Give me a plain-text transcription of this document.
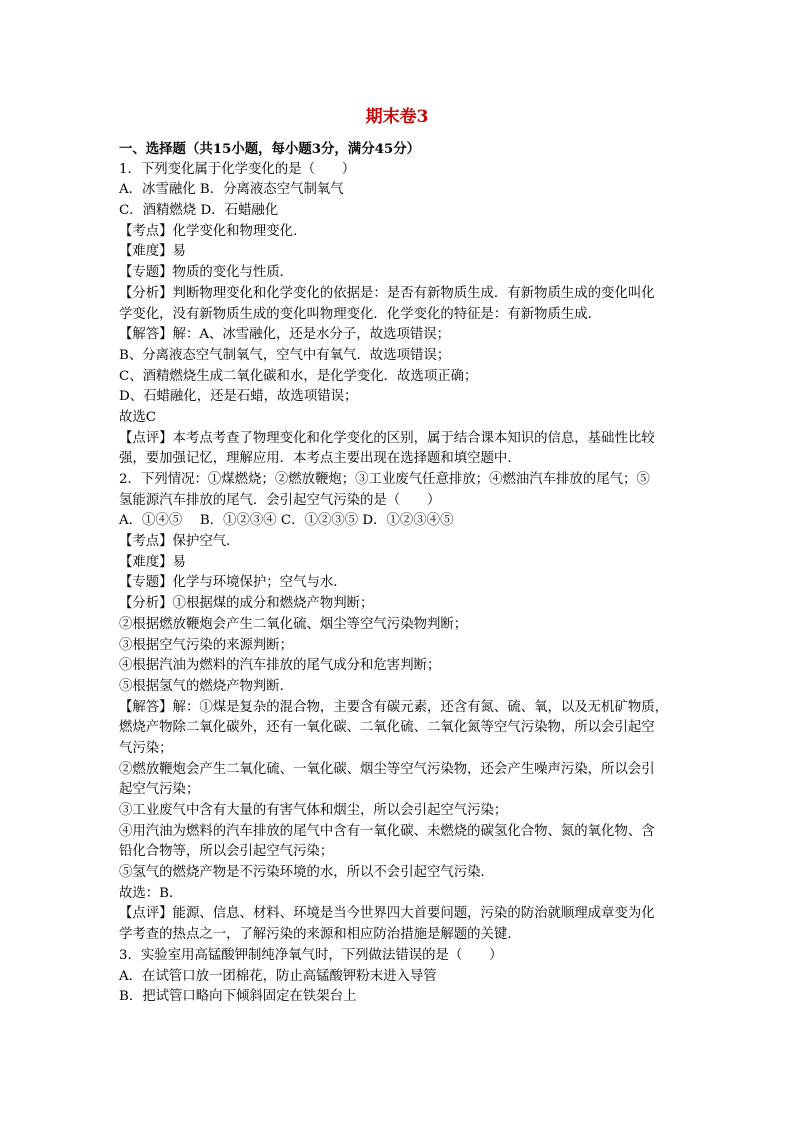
期末卷3
一、选择题（共15小题，每小题3分，满分45分）
1．下列变化属于化学变化的是（　　）
A．冰雪融化 B．分离液态空气制氧气
C．酒精燃烧 D．石蜡融化
【考点】化学变化和物理变化．
【难度】易
【专题】物质的变化与性质．
【分析】判断物理变化和化学变化的依据是：是否有新物质生成．有新物质生成的变化叫化
学变化，没有新物质生成的变化叫物理变化．化学变化的特征是：有新物质生成．
【解答】解：A、冰雪融化，还是水分子，故选项错误；
B、分离液态空气制氧气，空气中有氧气．故选项错误；
C、酒精燃烧生成二氧化碳和水，是化学变化．故选项正确；
D、石蜡融化，还是石蜡，故选项错误；
故选C
【点评】本考点考查了物理变化和化学变化的区别，属于结合课本知识的信息，基础性比较
强，要加强记忆，理解应用．本考点主要出现在选择题和填空题中．
2．下列情况：①煤燃烧；②燃放鞭炮；③工业废气任意排放；④燃油汽车排放的尾气；⑤
氢能源汽车排放的尾气．会引起空气污染的是（　　）
A．①④⑤　 B．①②③④ C．①②③⑤ D．①②③④⑤
【考点】保护空气．
【难度】易
【专题】化学与环境保护；空气与水．
【分析】①根据煤的成分和燃烧产物判断；
②根据燃放鞭炮会产生二氧化硫、烟尘等空气污染物判断；
③根据空气污染的来源判断；
④根据汽油为燃料的汽车排放的尾气成分和危害判断；
⑤根据氢气的燃烧产物判断．
【解答】解：①煤是复杂的混合物，主要含有碳元素，还含有氮、硫、氧，以及无机矿物质，
燃烧产物除二氧化碳外，还有一氧化碳、二氧化硫、二氧化氮等空气污染物，所以会引起空
气污染；
②燃放鞭炮会产生二氧化硫、一氧化碳、烟尘等空气污染物，还会产生噪声污染，所以会引
起空气污染；
③工业废气中含有大量的有害气体和烟尘，所以会引起空气污染；
④用汽油为燃料的汽车排放的尾气中含有一氧化碳、未燃烧的碳氢化合物、氮的氧化物、含
铅化合物等，所以会引起空气污染；
⑤氢气的燃烧产物是不污染环境的水，所以不会引起空气污染．
故选：B．
【点评】能源、信息、材料、环境是当今世界四大首要问题，污染的防治就顺理成章变为化
学考查的热点之一，了解污染的来源和相应防治措施是解题的关键．
3．实验室用高锰酸钾制纯净氧气时，下列做法错误的是（　　）
A．在试管口放一团棉花，防止高锰酸钾粉末进入导管
B．把试管口略向下倾斜固定在铁架台上
